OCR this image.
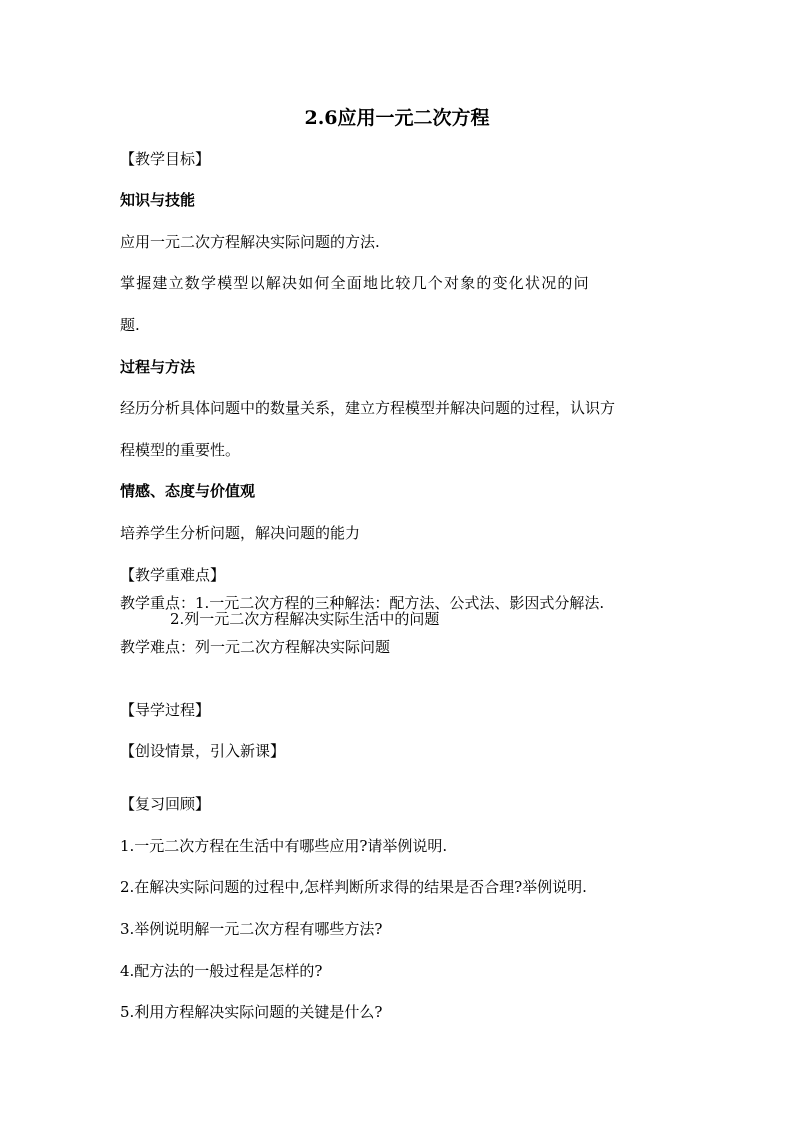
2.6应用一元二次方程
【教学目标】
知识与技能
应用一元二次方程解决实际问题的方法.
掌握建立数学模型以解决如何全面地比较几个对象的变化状况的问
题.
过程与方法
经历分析具体问题中的数量关系，建立方程模型并解决问题的过程，认识方
程模型的重要性。
情感、态度与价值观
培养学生分析问题，解决问题的能力
【教学重难点】
教学重点：1.一元二次方程的三种解法：配方法、公式法、影因式分解法.
2.列一元二次方程解决实际生活中的问题
教学难点：列一元二次方程解决实际问题
【导学过程】
【创设情景，引入新课】
【复习回顾】
1.一元二次方程在生活中有哪些应用?请举例说明.
2.在解决实际问题的过程中,怎样判断所求得的结果是否合理?举例说明.
3.举例说明解一元二次方程有哪些方法?
4.配方法的一般过程是怎样的?
5.利用方程解决实际问题的关键是什么?
